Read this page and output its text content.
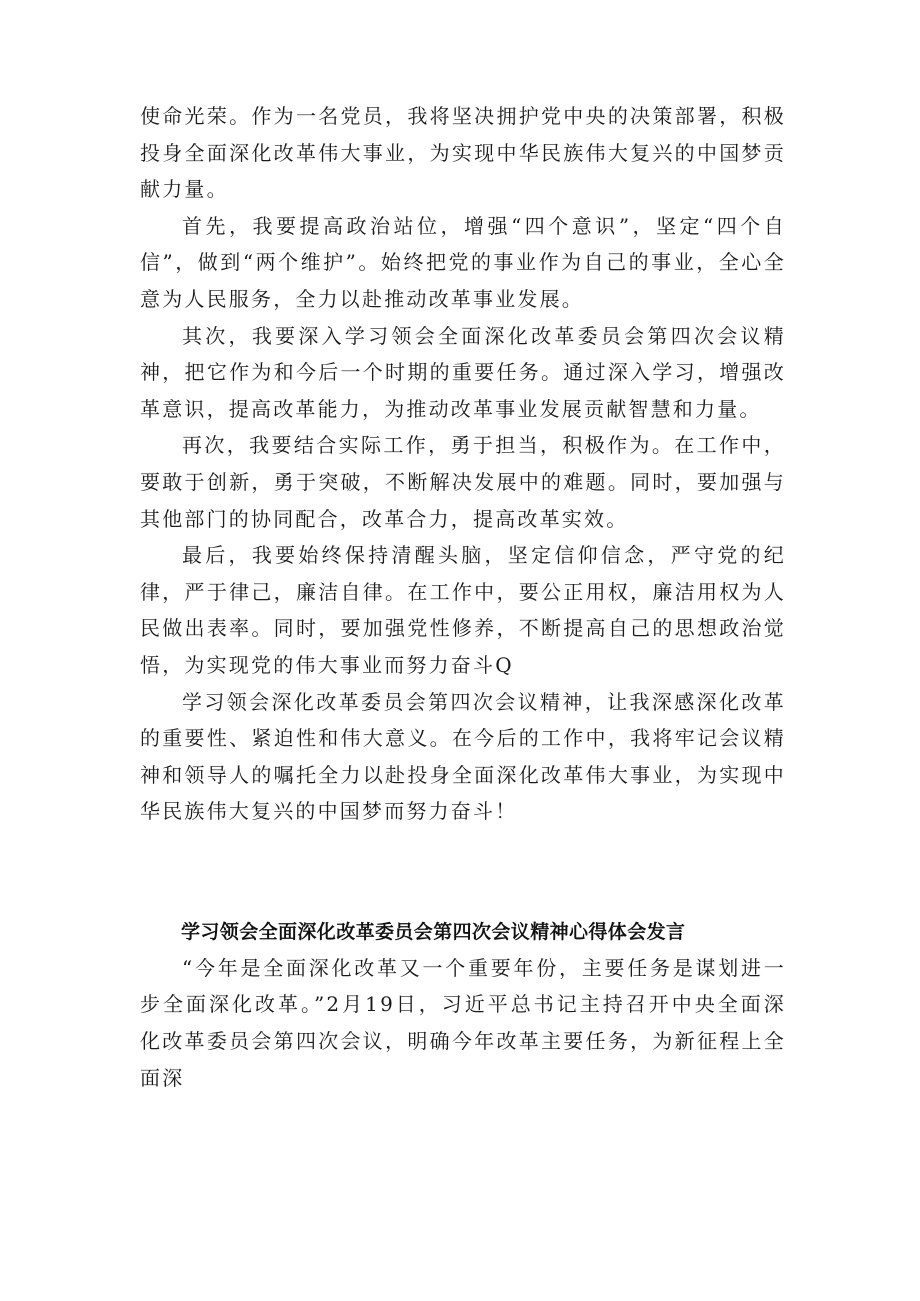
使命光荣。作为一名党员，我将坚决拥护党中央的决策部署，积极投身全面深化改革伟大事业，为实现中华民族伟大复兴的中国梦贡献力量。

首先，我要提高政治站位，增强“四个意识”，坚定“四个自信”，做到“两个维护”。始终把党的事业作为自己的事业，全心全意为人民服务，全力以赴推动改革事业发展。

其次，我要深入学习领会全面深化改革委员会第四次会议精神，把它作为和今后一个时期的重要任务。通过深入学习，增强改革意识，提高改革能力，为推动改革事业发展贡献智慧和力量。

再次，我要结合实际工作，勇于担当，积极作为。在工作中，要敢于创新，勇于突破，不断解决发展中的难题。同时，要加强与其他部门的协同配合，改革合力，提高改革实效。

最后，我要始终保持清醒头脑，坚定信仰信念，严守党的纪律，严于律己，廉洁自律。在工作中，要公正用权，廉洁用权为人民做出表率。同时，要加强党性修养，不断提高自己的思想政治觉悟，为实现党的伟大事业而努力奋斗Q

学习领会深化改革委员会第四次会议精神，让我深感深化改革的重要性、紧迫性和伟大意义。在今后的工作中，我将牢记会议精神和领导人的嘱托全力以赴投身全面深化改革伟大事业，为实现中华民族伟大复兴的中国梦而努力奋斗！

学习领会全面深化改革委员会第四次会议精神心得体会发言

“今年是全面深化改革又一个重要年份，主要任务是谋划进一步全面深化改革。”2月19日，习近平总书记主持召开中央全面深化改革委员会第四次会议，明确今年改革主要任务，为新征程上全面深
